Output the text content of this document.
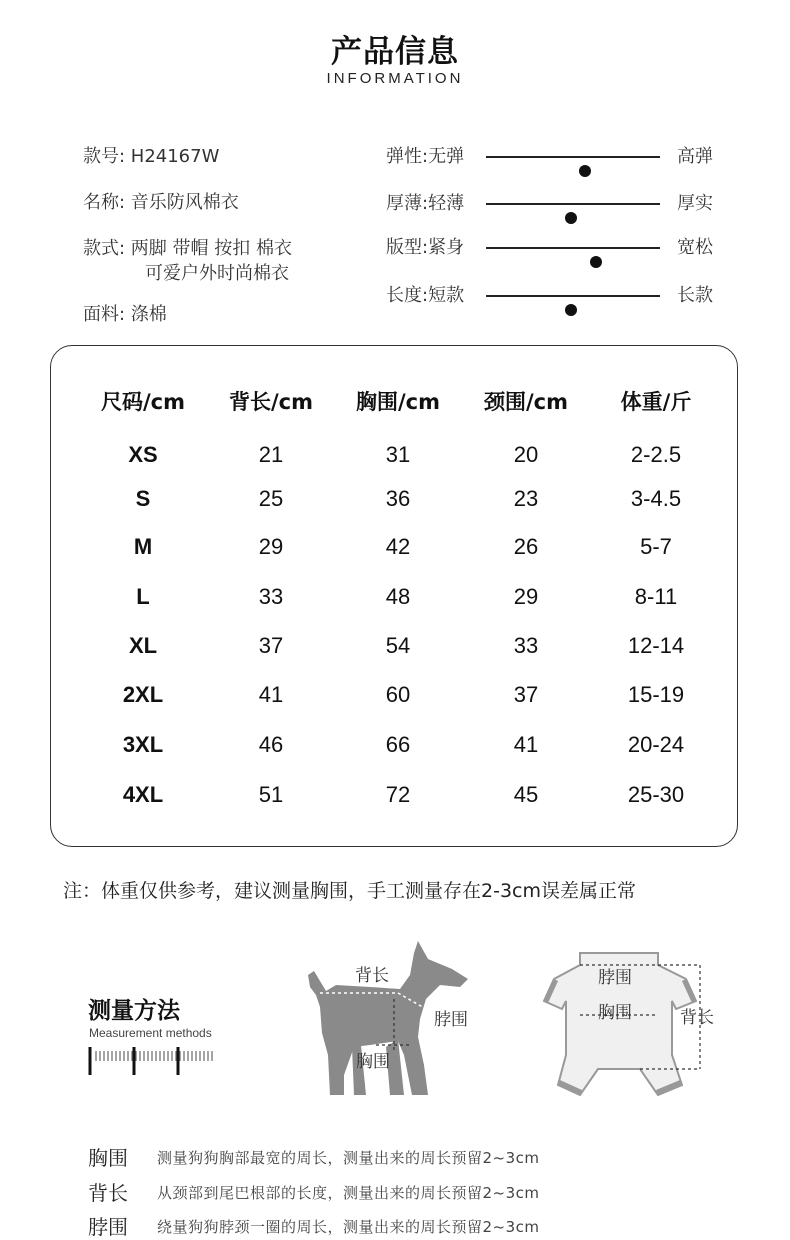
产品信息
INFORMATION
款号: H24167W
名称: 音乐防风棉衣
款式: 两脚 带帽 按扣 棉衣
可爱户外时尚棉衣
面料: 涤棉
弹性:无弹	高弹
厚薄:轻薄	厚实
版型:紧身	宽松
长度:短款	长款
尺码/cm	背长/cm	胸围/cm	颈围/cm	体重/斤
XS	21	31	20	2-2.5
S	25	36	23	3-4.5
M	29	42	26	5-7
L	33	48	29	8-11
XL	37	54	33	12-14
2XL	41	60	37	15-19
3XL	46	66	41	20-24
4XL	51	72	45	25-30
注：体重仅供参考，建议测量胸围，手工测量存在2-3cm误差属正常
测量方法
Measurement methods
背长
脖围
胸围
脖围
胸围	背长
胸围 测量狗狗胸部最宽的周长，测量出来的周长预留2~3cm
背长 从颈部到尾巴根部的长度，测量出来的周长预留2~3cm
脖围 绕量狗狗脖颈一圈的周长，测量出来的周长预留2~3cm
